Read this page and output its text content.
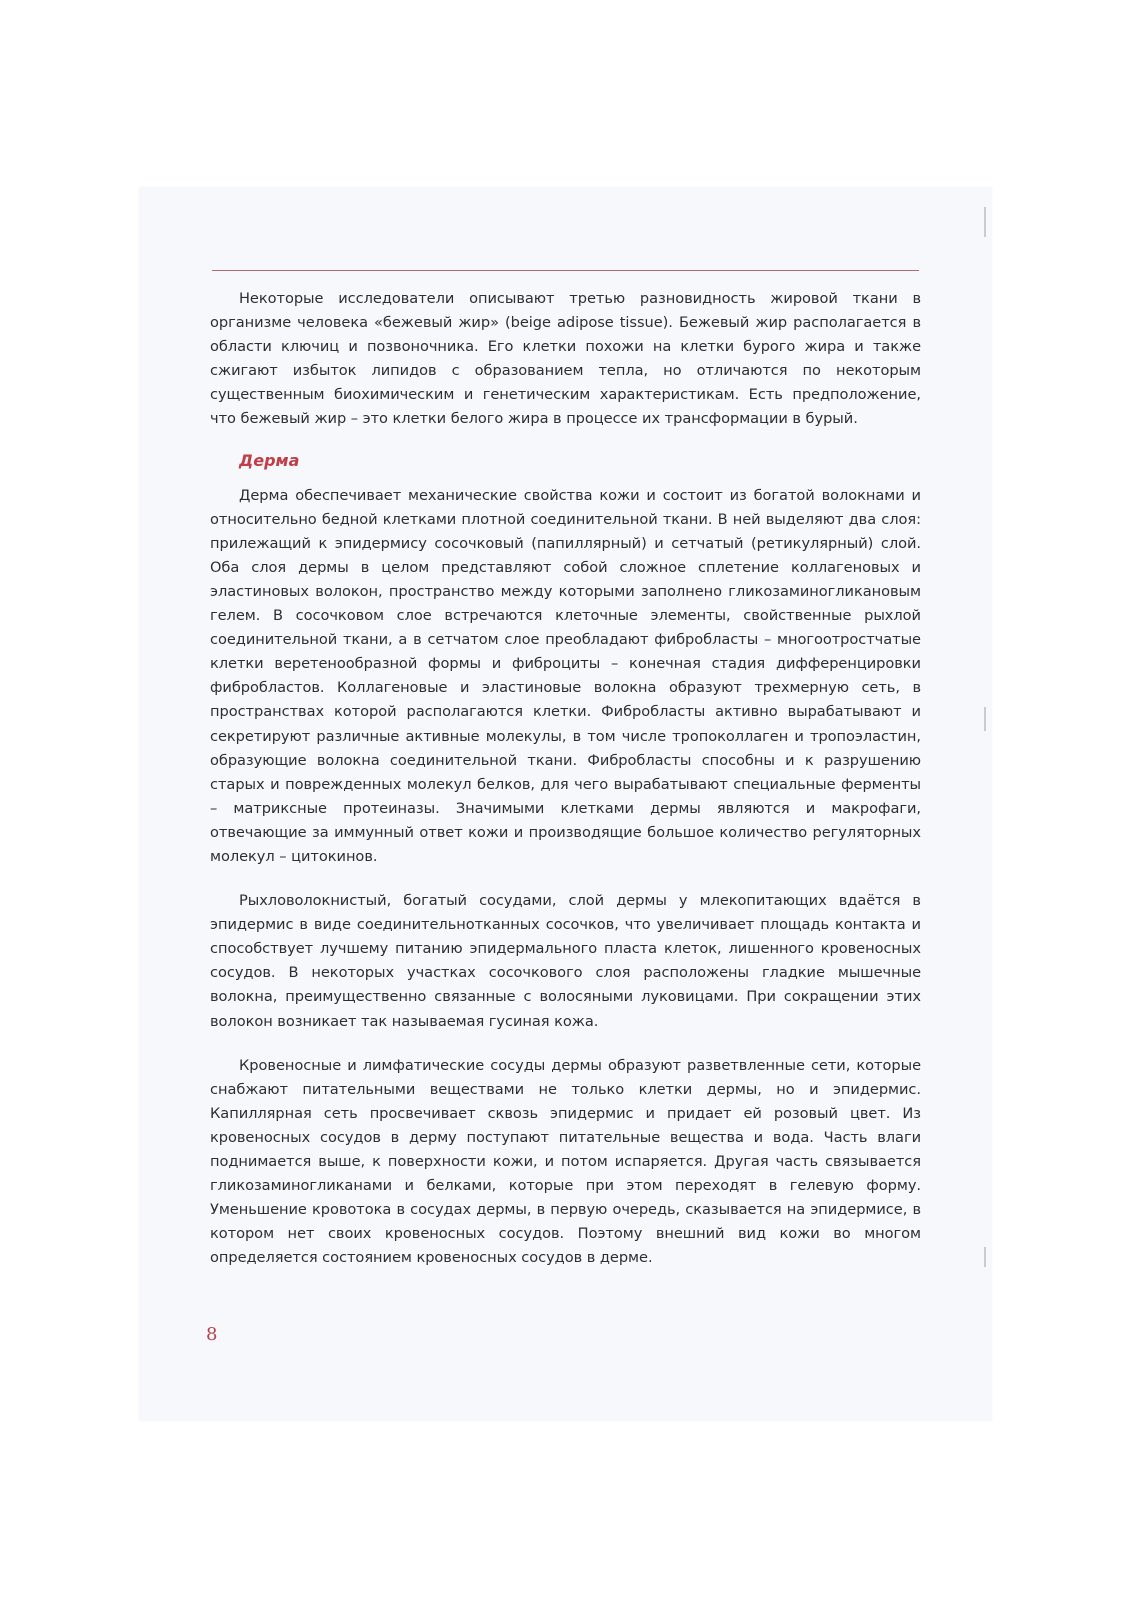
Некоторые исследователи описывают третью разновидность жировой ткани в организме человека «бежевый жир» (beige adipose tissue). Бежевый жир располагается в области ключиц и позвоночника. Его клетки похожи на клетки бурого жира и также сжигают избыток липидов с образованием тепла, но отличаются по некоторым существенным биохимическим и генетическим характеристикам. Есть предположение, что бежевый жир – это клетки белого жира в процессе их трансформации в бурый.

Дерма

Дерма обеспечивает механические свойства кожи и состоит из богатой волокнами и относительно бедной клетками плотной соединительной ткани. В ней выделяют два слоя: прилежащий к эпидермису сосочковый (папиллярный) и сетчатый (ретикулярный) слой. Оба слоя дермы в целом представляют собой сложное сплетение коллагеновых и эластиновых волокон, пространство между которыми заполнено гликозаминогликановым гелем. В сосочковом слое встречаются клеточные элементы, свойственные рыхлой соединительной ткани, а в сетчатом слое преобладают фибробласты – многоотростчатые клетки веретенообразной формы и фиброциты – конечная стадия дифференцировки фибробластов. Коллагеновые и эластиновые волокна образуют трехмерную сеть, в пространствах которой располагаются клетки. Фибробласты активно вырабатывают и секретируют различные активные молекулы, в том числе тропоколлаген и тропоэластин, образующие волокна соединительной ткани. Фибробласты способны и к разрушению старых и поврежденных молекул белков, для чего вырабатывают специальные ферменты – матриксные протеиназы. Значимыми клетками дермы являются и макрофаги, отвечающие за иммунный ответ кожи и производящие большое количество регуляторных молекул – цитокинов.

Рыхловолокнистый, богатый сосудами, слой дермы у млекопитающих вдаётся в эпидермис в виде соединительнотканных сосочков, что увеличивает площадь контакта и способствует лучшему питанию эпидермального пласта клеток, лишенного кровеносных сосудов. В некоторых участках сосочкового слоя расположены гладкие мышечные волокна, преимущественно связанные с волосяными луковицами. При сокращении этих волокон возникает так называемая гусиная кожа.

Кровеносные и лимфатические сосуды дермы образуют разветвленные сети, которые снабжают питательными веществами не только клетки дермы, но и эпидермис. Капиллярная сеть просвечивает сквозь эпидермис и придает ей розовый цвет. Из кровеносных сосудов в дерму поступают питательные вещества и вода. Часть влаги поднимается выше, к поверхности кожи, и потом испаряется. Другая часть связывается гликозаминогликанами и белками, которые при этом переходят в гелевую форму. Уменьшение кровотока в сосудах дермы, в первую очередь, сказывается на эпидермисе, в котором нет своих кровеносных сосудов. Поэтому внешний вид кожи во многом определяется состоянием кровеносных сосудов в дерме.

8
